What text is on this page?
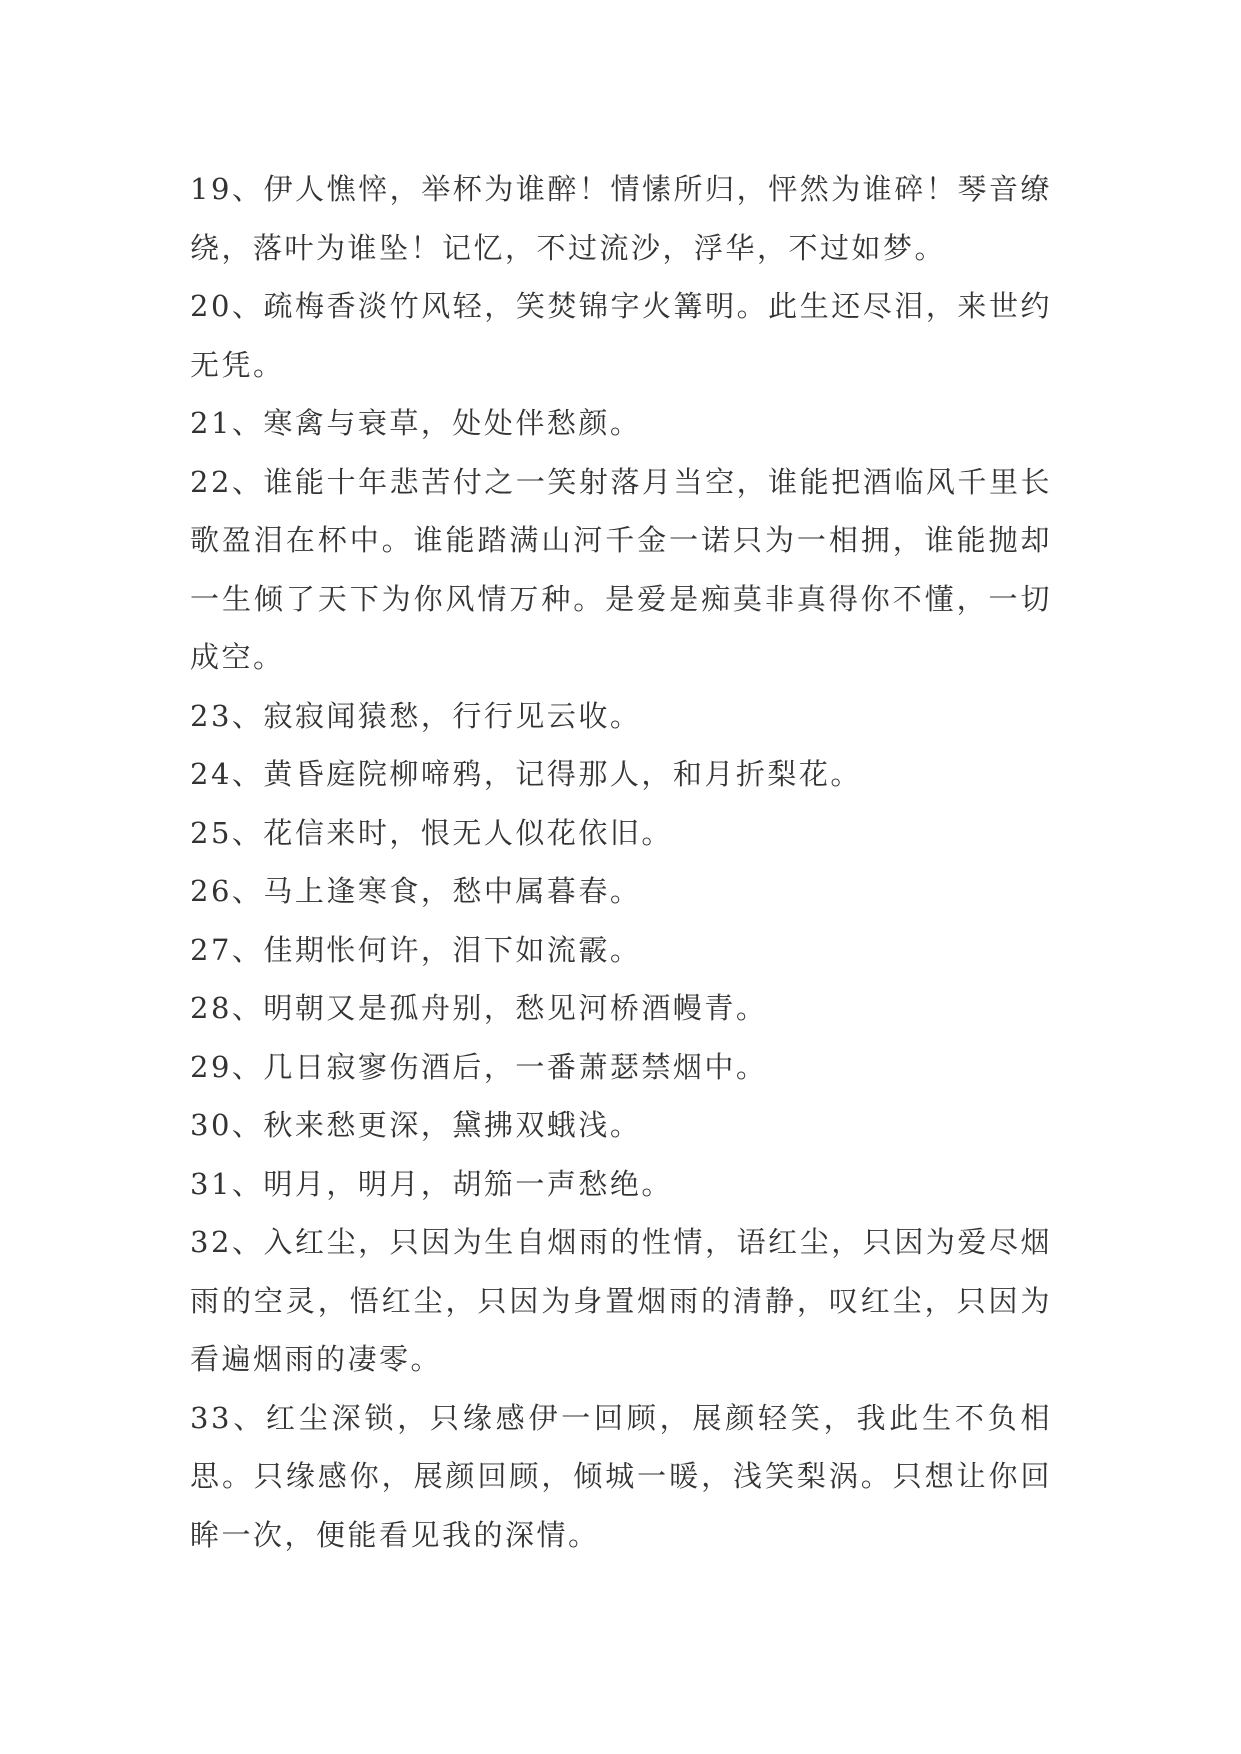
19、伊人憔悴，举杯为谁醉！情愫所归，怦然为谁碎！琴音缭绕，落叶为谁坠！记忆，不过流沙，浮华，不过如梦。

20、疏梅香淡竹风轻，笑焚锦字火篝明。此生还尽泪，来世约无凭。

21、寒禽与衰草，处处伴愁颜。

22、谁能十年悲苦付之一笑射落月当空，谁能把酒临风千里长歌盈泪在杯中。谁能踏满山河千金一诺只为一相拥，谁能抛却一生倾了天下为你风情万种。是爱是痴莫非真得你不懂，一切成空。

23、寂寂闻猿愁，行行见云收。

24、黄昏庭院柳啼鸦，记得那人，和月折梨花。

25、花信来时，恨无人似花依旧。

26、马上逢寒食，愁中属暮春。

27、佳期怅何许，泪下如流霰。

28、明朝又是孤舟别，愁见河桥酒幔青。

29、几日寂寥伤酒后，一番萧瑟禁烟中。

30、秋来愁更深，黛拂双蛾浅。

31、明月，明月，胡笳一声愁绝。

32、入红尘，只因为生自烟雨的性情，语红尘，只因为爱尽烟雨的空灵，悟红尘，只因为身置烟雨的清静，叹红尘，只因为看遍烟雨的凄零。

33、红尘深锁，只缘感伊一回顾，展颜轻笑，我此生不负相思。只缘感你，展颜回顾，倾城一暖，浅笑梨涡。只想让你回眸一次，便能看见我的深情。
